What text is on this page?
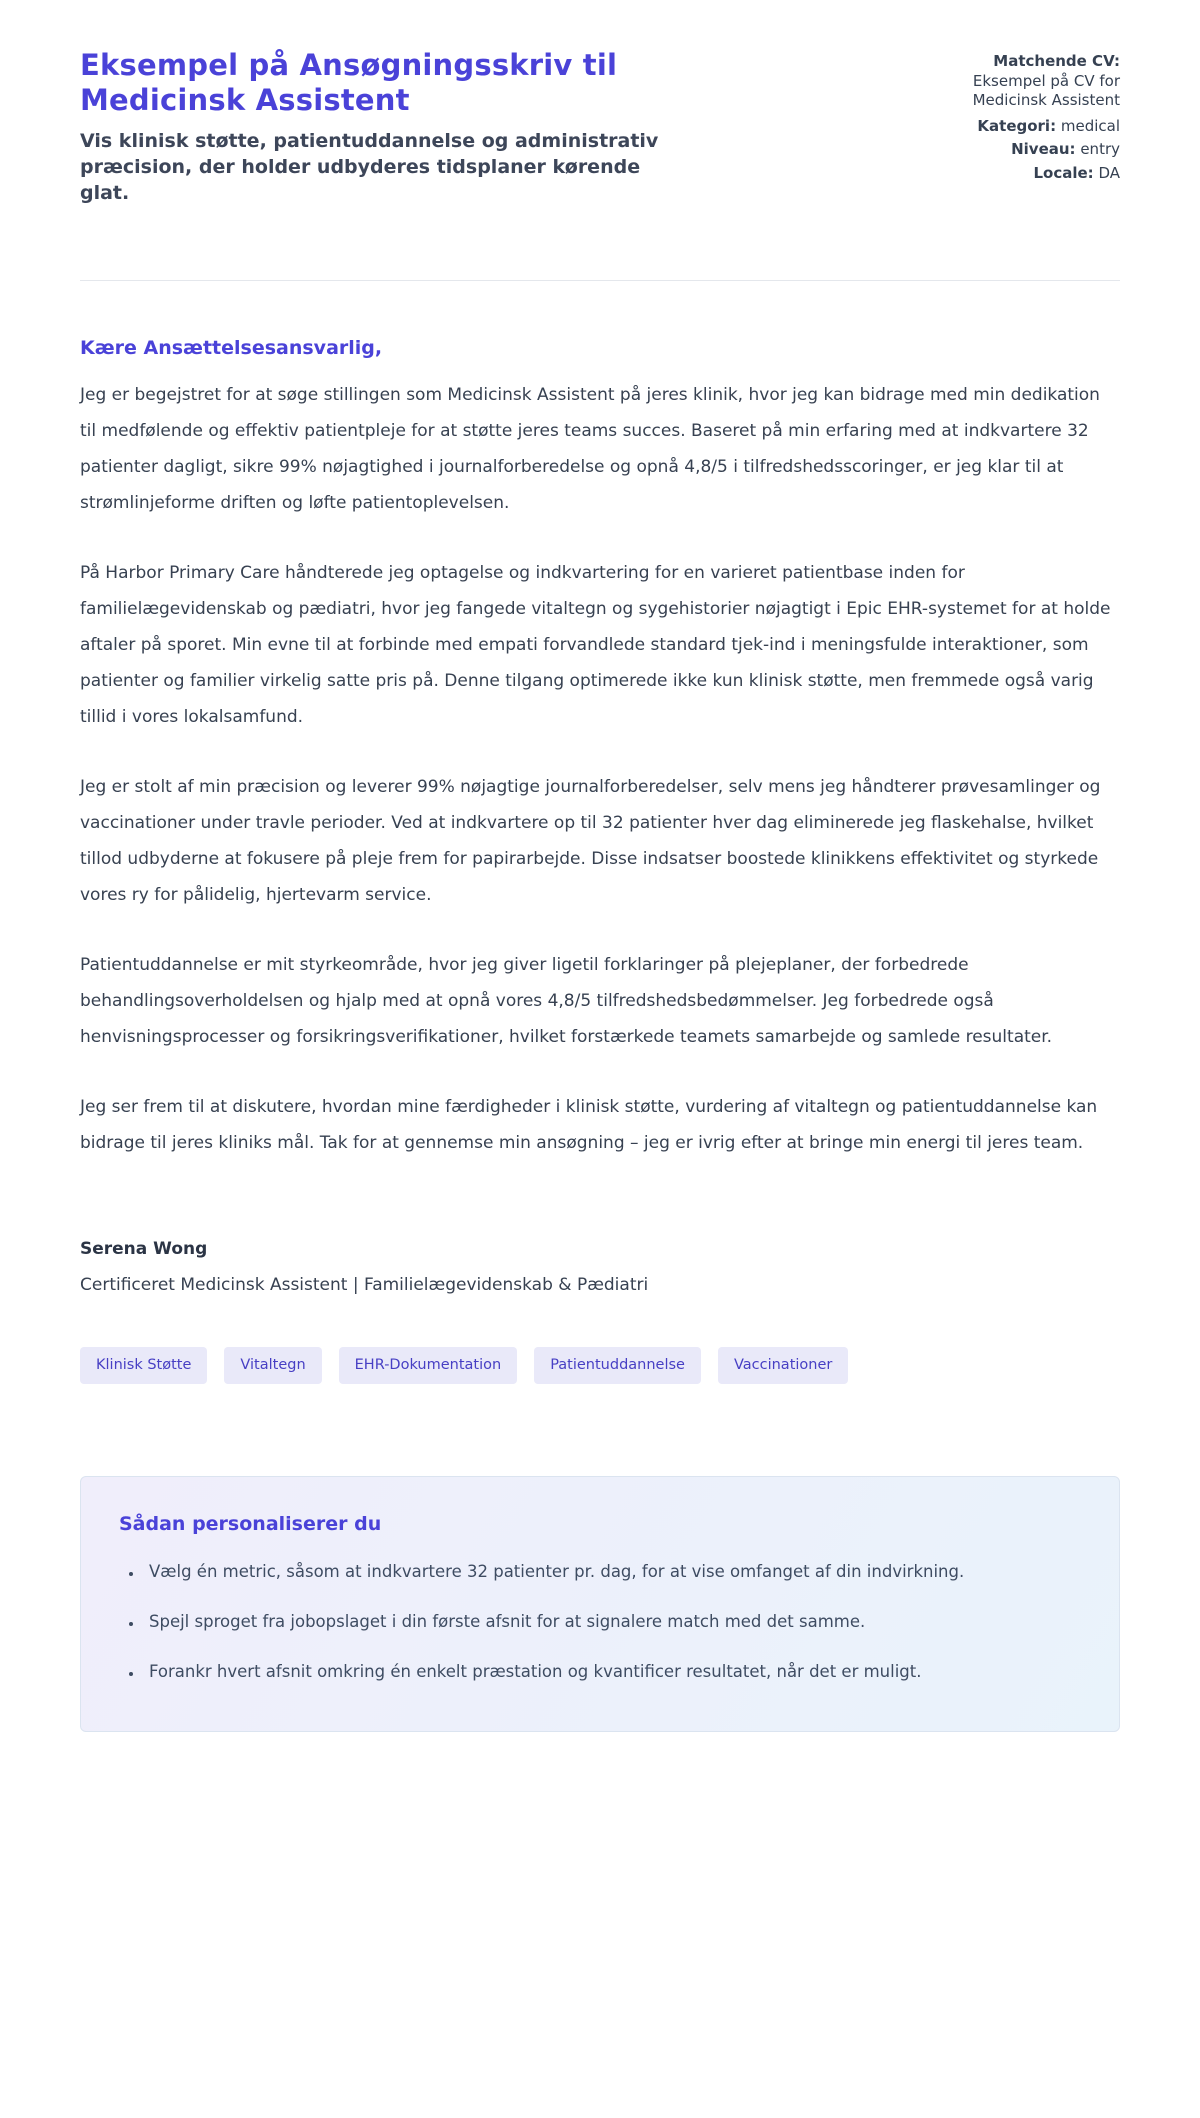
Eksempel på Ansøgningsskriv til Medicinsk Assistent

Vis klinisk støtte, patientuddannelse og administrativ præcision, der holder udbyderes tidsplaner kørende glat.

Matchende CV:
Eksempel på CV for Medicinsk Assistent
Kategori: medical
Niveau: entry
Locale: DA

Kære Ansættelsesansvarlig,

Jeg er begejstret for at søge stillingen som Medicinsk Assistent på jeres klinik, hvor jeg kan bidrage med min dedikation til medfølende og effektiv patientpleje for at støtte jeres teams succes. Baseret på min erfaring med at indkvartere 32 patienter dagligt, sikre 99% nøjagtighed i journalforberedelse og opnå 4,8/5 i tilfredshedsscoringer, er jeg klar til at strømlinjeforme driften og løfte patientoplevelsen.

På Harbor Primary Care håndterede jeg optagelse og indkvartering for en varieret patientbase inden for familielægevidenskab og pædiatri, hvor jeg fangede vitaltegn og sygehistorier nøjagtigt i Epic EHR-systemet for at holde aftaler på sporet. Min evne til at forbinde med empati forvandlede standard tjek-ind i meningsfulde interaktioner, som patienter og familier virkelig satte pris på. Denne tilgang optimerede ikke kun klinisk støtte, men fremmede også varig tillid i vores lokalsamfund.

Jeg er stolt af min præcision og leverer 99% nøjagtige journalforberedelser, selv mens jeg håndterer prøvesamlinger og vaccinationer under travle perioder. Ved at indkvartere op til 32 patienter hver dag eliminerede jeg flaskehalse, hvilket tillod udbyderne at fokusere på pleje frem for papirarbejde. Disse indsatser boostede klinikkens effektivitet og styrkede vores ry for pålidelig, hjertevarm service.

Patientuddannelse er mit styrkeområde, hvor jeg giver ligetil forklaringer på plejeplaner, der forbedrede behandlingsoverholdelsen og hjalp med at opnå vores 4,8/5 tilfredshedsbedømmelser. Jeg forbedrede også henvisningsprocesser og forsikringsverifikationer, hvilket forstærkede teamets samarbejde og samlede resultater.

Jeg ser frem til at diskutere, hvordan mine færdigheder i klinisk støtte, vurdering af vitaltegn og patientuddannelse kan bidrage til jeres kliniks mål. Tak for at gennemse min ansøgning – jeg er ivrig efter at bringe min energi til jeres team.

Serena Wong

Certificeret Medicinsk Assistent | Familielægevidenskab & Pædiatri

Klinisk Støtte	Vitaltegn	EHR-Dokumentation	Patientuddannelse	Vaccinationer
Sådan personaliserer du
• Vælg én metric, såsom at indkvartere 32 patienter pr. dag, for at vise omfanget af din indvirkning.
• Spejl sproget fra jobopslaget i din første afsnit for at signalere match med det samme.
• Forankr hvert afsnit omkring én enkelt præstation og kvantificer resultatet, når det er muligt.
